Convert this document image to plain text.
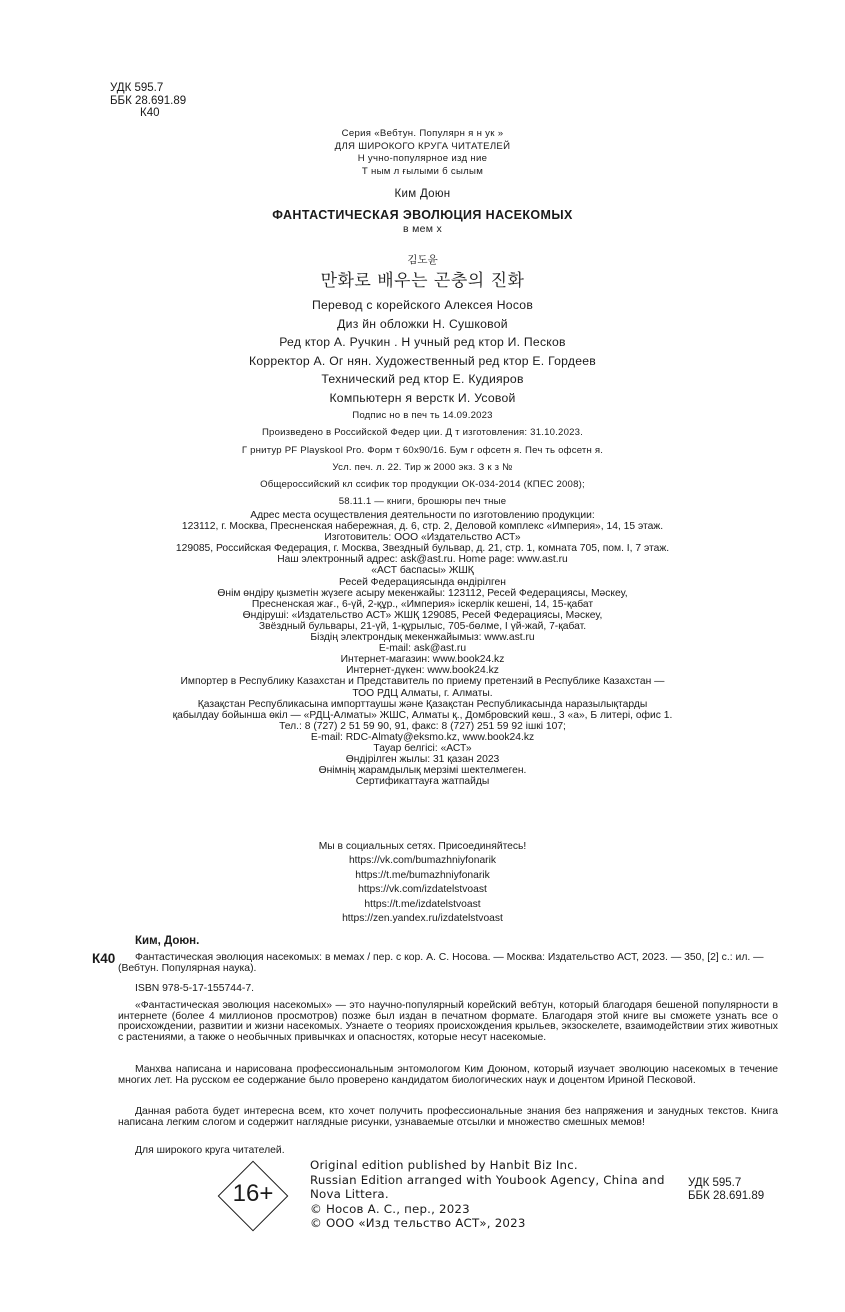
УДК 595.7
ББК 28.691.89
К40
Серия «Вебтун. Популярн я н ук »
ДЛЯ ШИРОКОГО КРУГА ЧИТАТЕЛЕЙ
Н учно-популярное изд ние
Т ным л ғылыми б сылым
Ким Доюн
ФАНТАСТИЧЕСКАЯ ЭВОЛЮЦИЯ НАСЕКОМЫХ
в мем х
김도윤
만화로 배우는 곤충의 진화
Перевод с корейского Алексея Носов
Диз йн обложки Н. Сушковой
Ред ктор А. Ручкин . Н учный ред ктор И. Песков
Корректор А. Ог нян. Художественный ред ктор Е. Гордеев
Технический ред ктор Е. Кудияров
Компьютерн я верстк И. Усовой
Подпис но в печ ть 14.09.2023
Произведено в Российской Федер ции. Д т изготовления: 31.10.2023.
Г рнитур PF Playskool Pro. Форм т 60х90/16. Бум г офсетн я. Печ ть офсетн я.
Усл. печ. л. 22. Тир ж 2000 экз. З к з №
Общероссийский кл ссифик тор продукции ОК-034-2014 (КПЕС 2008);
58.11.1 — книги, брошюры печ тные
Адрес места осуществления деятельности по изготовлению продукции:
123112, г. Москва, Пресненская набережная, д. 6, стр. 2, Деловой комплекс «Империя», 14, 15 этаж.
Изготовитель: ООО «Издательство АСТ»
129085, Российская Федерация, г. Москва, Звездный бульвар, д. 21, стр. 1, комната 705, пом. I, 7 этаж.
Наш электронный адрес: ask@ast.ru. Home page: www.ast.ru
«АСТ баспасы» ЖШҚ
Ресей Федерациясында өндірілген
Өнім өндіру қызметін жүзеге асыру мекенжайы: 123112, Ресей Федерациясы, Мәскеу,
Пресненская жағ., 6-үй, 2-құр., «Империя» іскерлік кешені, 14, 15-қабат
Өндіруші: «Издательство АСТ» ЖШҚ 129085, Ресей Федерациясы, Мәскеу,
Звёздный бульвары, 21-үй, 1-құрылыс, 705-бөлме, I үй-жай, 7-қабат.
Біздің электрондық мекенжайымыз: www.ast.ru
E-mail: ask@ast.ru
Интернет-магазин: www.book24.kz
Интернет-дүкен: www.book24.kz
Импортер в Республику Казахстан и Представитель по приему претензий в Республике Казахстан —
ТОО РДЦ Алматы, г. Алматы.
Қазақстан Республикасына импорттаушы және Қазақстан Республикасында наразылықтарды
қабылдау бойынша өкіл — «РДЦ-Алматы» ЖШС, Алматы қ., Домбровский көш., 3 «а», Б литері, офис 1.
Тел.: 8 (727) 2 51 59 90, 91, факс: 8 (727) 251 59 92 ішкі 107;
E-mail: RDC-Almaty@eksmo.kz, www.book24.kz
Тауар белгісі: «АСТ»
Өндірілген жылы: 31 қазан 2023
Өнімнің жарамдылық мерзімі шектелмеген.
Сертификаттауға жатпайды
Мы в социальных сетях. Присоединяйтесь!
https://vk.com/bumazhniyfonarik
https://t.me/bumazhniyfonarik
https://vk.com/izdatelstvoast
https://t.me/izdatelstvoast
https://zen.yandex.ru/izdatelstvoast
Ким, Доюн.
К40	Фантастическая эволюция насекомых: в мемах / пер. с кор. А. С. Носова. — Москва: Издательство АСТ, 2023. — 350, [2] с.: ил. — (Вебтун. Популярная наука).
ISBN 978-5-17-155744-7.
«Фантастическая эволюция насекомых» — это научно-популярный корейский вебтун, который благодаря бешеной популярности в интернете (более 4 миллионов просмотров) позже был издан в печатном формате. Благодаря этой книге вы сможете узнать все о происхождении, развитии и жизни насекомых. Узнаете о теориях происхождения крыльев, экзоскелете, взаимодействии этих животных с растениями, а также о необычных привычках и опасностях, которые несут насекомые.
Манхва написана и нарисована профессиональным энтомологом Ким Доюном, который изучает эволюцию насекомых в течение многих лет. На русском ее содержание было проверено кандидатом биологических наук и доцентом Ириной Песковой.
Данная работа будет интересна всем, кто хочет получить профессиональные знания без напряжения и занудных текстов. Книга написана легким слогом и содержит наглядные рисунки, узнаваемые отсылки и множество смешных мемов!
Для широкого круга читателей.
16+
Original edition published by Hanbit Biz Inc.
Russian Edition arranged with Youbook Agency, China and
Nova Littera.
© Носов А. С., пер., 2023
© ООО «Изд тельство АСТ», 2023
УДК 595.7
ББК 28.691.89
